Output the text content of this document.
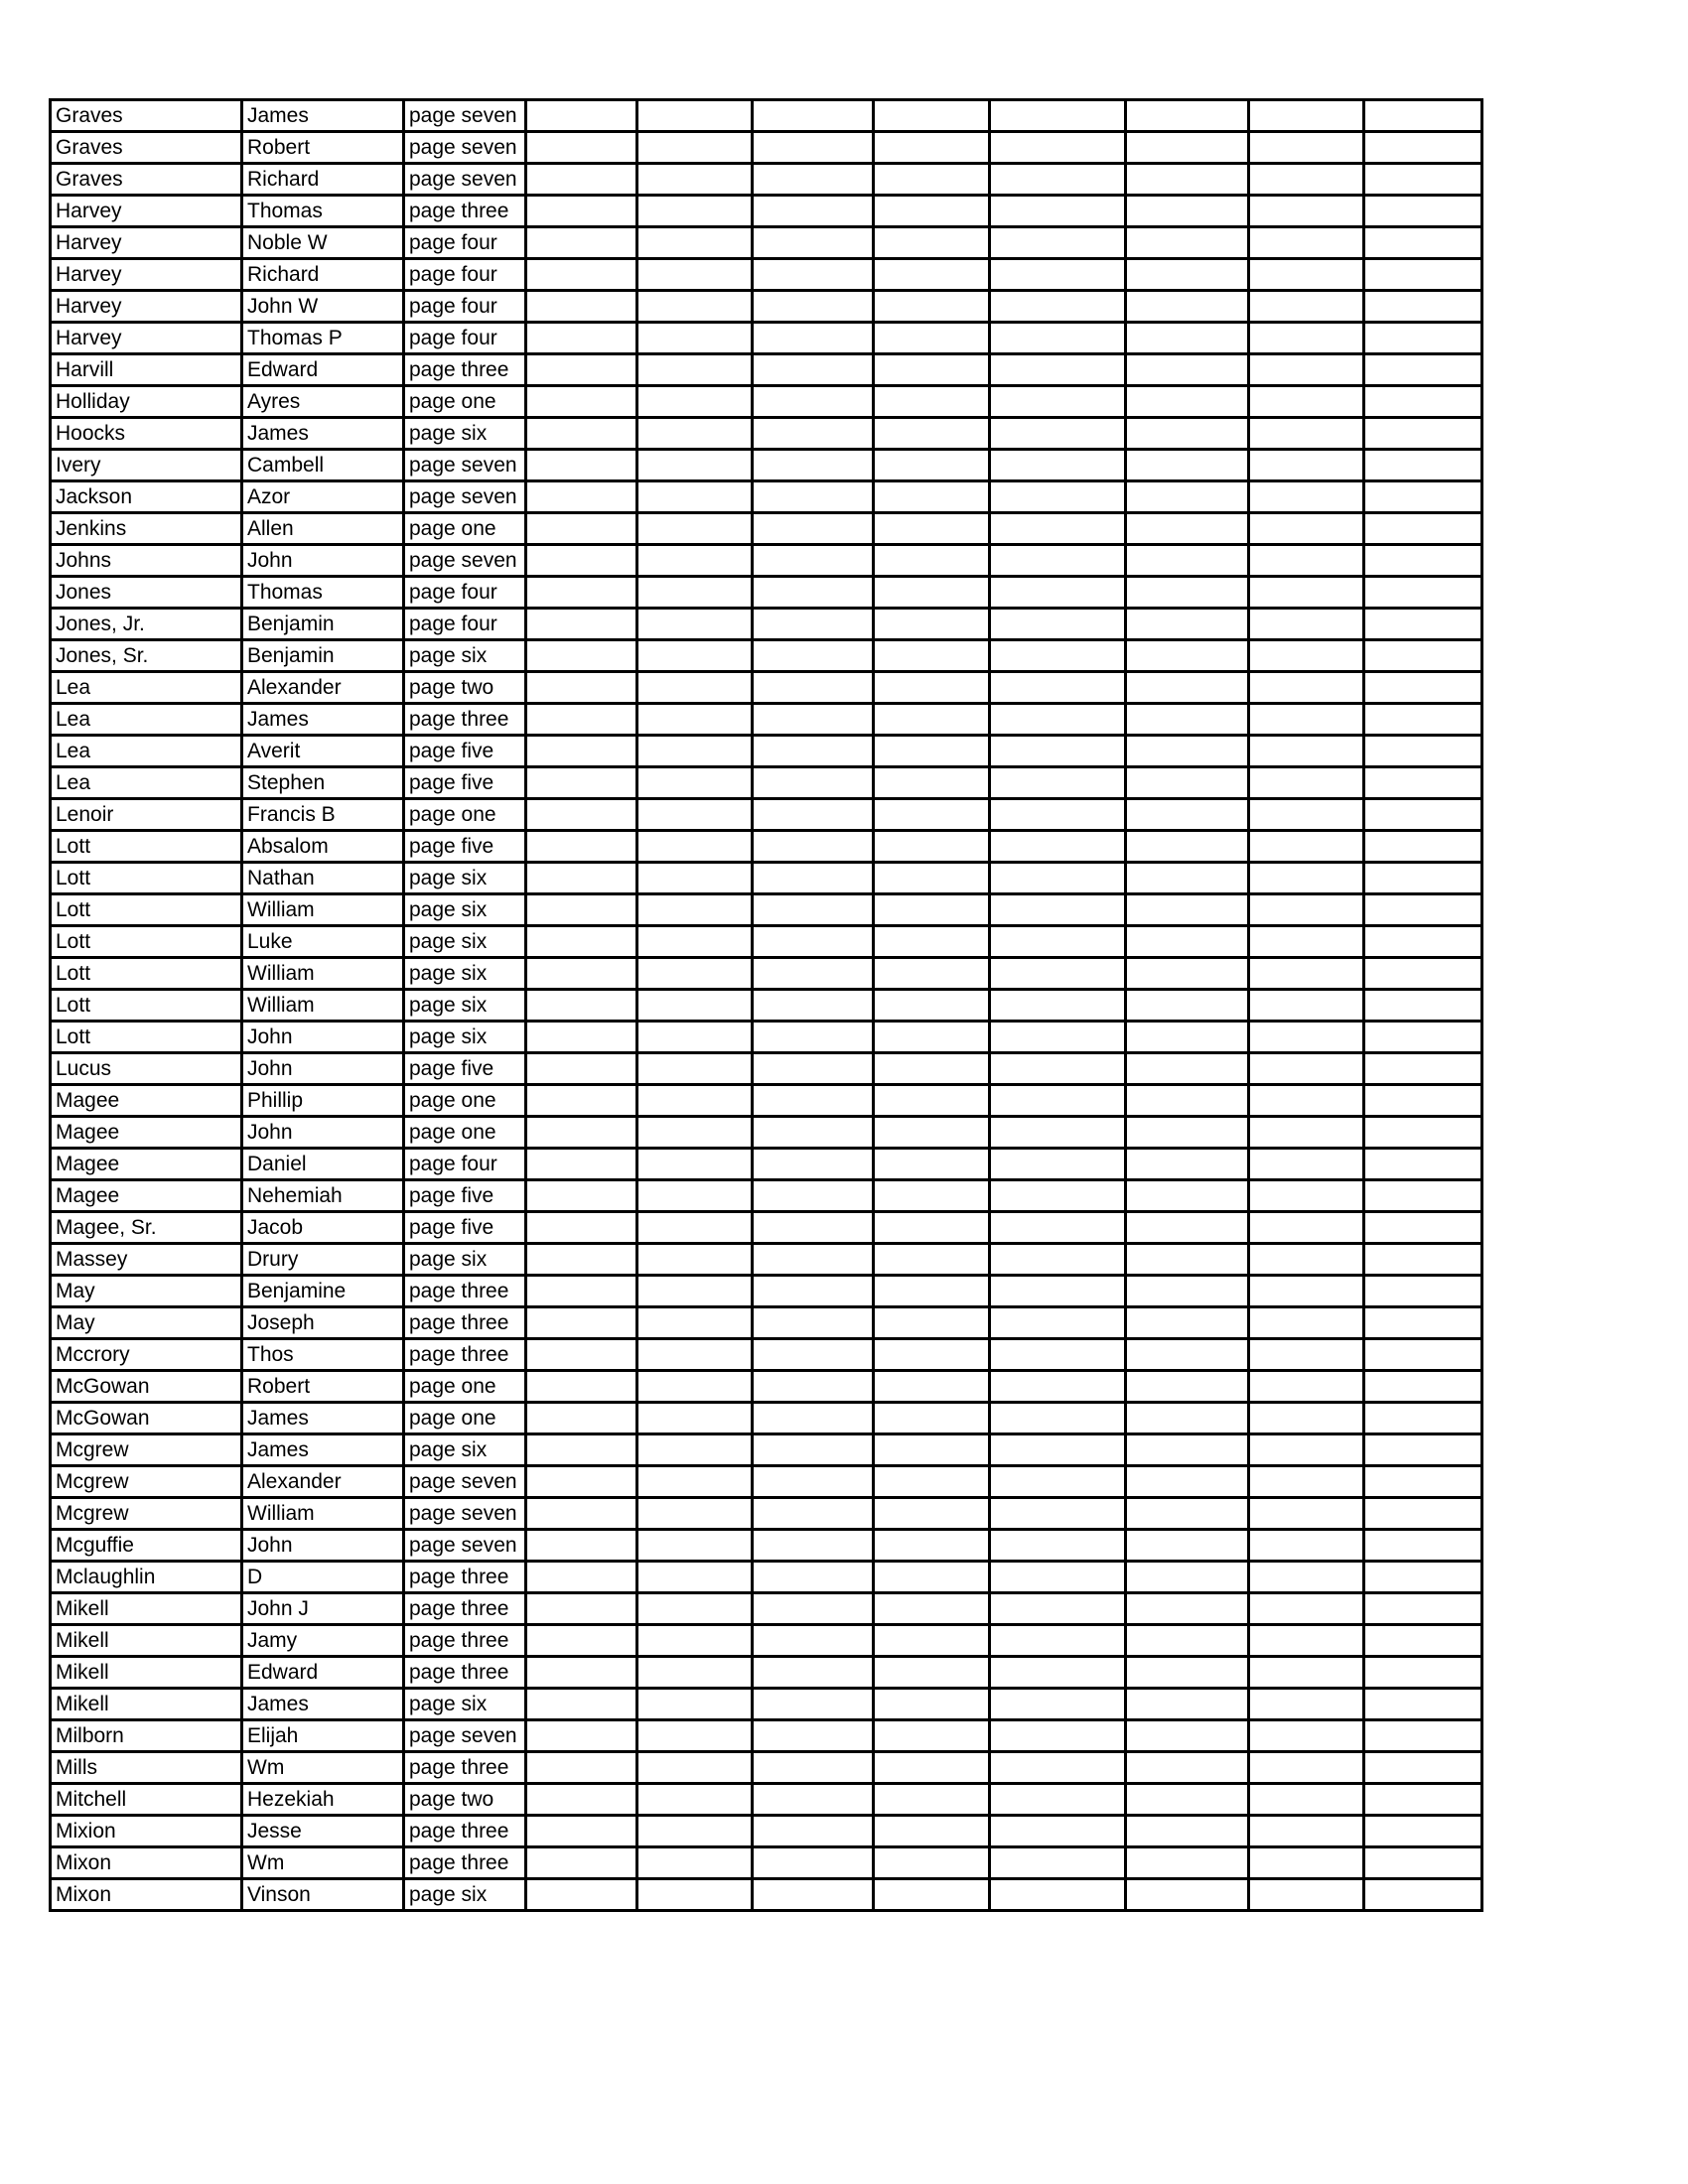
Graves	James	page seven								
Graves	Robert	page seven								
Graves	Richard	page seven								
Harvey	Thomas	page three								
Harvey	Noble W	page four								
Harvey	Richard	page four								
Harvey	John W	page four								
Harvey	Thomas P	page four								
Harvill	Edward	page three								
Holliday	Ayres	page one								
Hoocks	James	page six								
Ivery	Cambell	page seven								
Jackson	Azor	page seven								
Jenkins	Allen	page one								
Johns	John	page seven								
Jones	Thomas	page four								
Jones, Jr.	Benjamin	page four								
Jones, Sr.	Benjamin	page six								
Lea	Alexander	page two								
Lea	James	page three								
Lea	Averit	page five								
Lea	Stephen	page five								
Lenoir	Francis B	page one								
Lott	Absalom	page five								
Lott	Nathan	page six								
Lott	William	page six								
Lott	Luke	page six								
Lott	William	page six								
Lott	William	page six								
Lott	John	page six								
Lucus	John	page five								
Magee	Phillip	page one								
Magee	John	page one								
Magee	Daniel	page four								
Magee	Nehemiah	page five								
Magee, Sr.	Jacob	page five								
Massey	Drury	page six								
May	Benjamine	page three								
May	Joseph	page three								
Mccrory	Thos	page three								
McGowan	Robert	page one								
McGowan	James	page one								
Mcgrew	James	page six								
Mcgrew	Alexander	page seven								
Mcgrew	William	page seven								
Mcguffie	John	page seven								
Mclaughlin	D	page three								
Mikell	John J	page three								
Mikell	Jamy	page three								
Mikell	Edward	page three								
Mikell	James	page six								
Milborn	Elijah	page seven								
Mills	Wm	page three								
Mitchell	Hezekiah	page two								
Mixion	Jesse	page three								
Mixon	Wm	page three								
Mixon	Vinson	page six								
